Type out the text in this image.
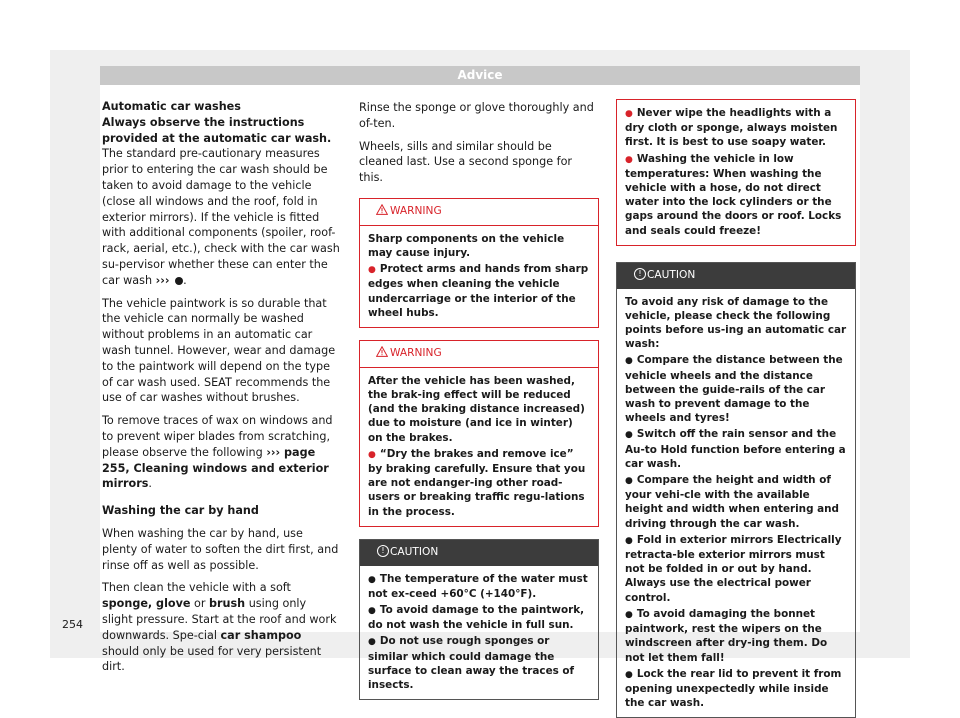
Advice

Automatic car washes

Always observe the instructions provided at the automatic car wash. The standard pre-cautionary measures prior to entering the car wash should be taken to avoid damage to the vehicle (close all windows and the roof, fold in exterior mirrors). If the vehicle is fitted with additional components (spoiler, roof-rack, aerial, etc.), check with the car wash su-pervisor whether these can enter the car wash ››› .

The vehicle paintwork is so durable that the vehicle can normally be washed without problems in an automatic car wash tunnel. However, wear and damage to the paintwork will depend on the type of car wash used. SEAT recommends the use of car washes without brushes.

To remove traces of wax on windows and to prevent wiper blades from scratching, please observe the following ››› page 255, Cleaning windows and exterior mirrors.

Washing the car by hand

When washing the car by hand, use plenty of water to soften the dirt first, and rinse off as well as possible.

Then clean the vehicle with a soft sponge, glove or brush using only slight pressure. Start at the roof and work downwards. Spe-cial car shampoo should only be used for very persistent dirt.

Rinse the sponge or glove thoroughly and of-ten.

Wheels, sills and similar should be cleaned last. Use a second sponge for this.

WARNING

Sharp components on the vehicle may cause injury.

● Protect arms and hands from sharp edges when cleaning the vehicle undercarriage or the interior of the wheel hubs.

WARNING

After the vehicle has been washed, the brak-ing effect will be reduced (and the braking distance increased) due to moisture (and ice in winter) on the brakes.

● “Dry the brakes and remove ice” by braking carefully. Ensure that you are not endanger-ing other road-users or breaking traffic regu-lations in the process.

! CAUTION

● The temperature of the water must not ex-ceed +60°C (+140°F).

● To avoid damage to the paintwork, do not wash the vehicle in full sun.

● Do not use rough sponges or similar which could damage the surface to clean away the traces of insects.

● Never wipe the headlights with a dry cloth or sponge, always moisten first. It is best to use soapy water.

● Washing the vehicle in low temperatures: When washing the vehicle with a hose, do not direct water into the lock cylinders or the gaps around the doors or roof. Locks and seals could freeze!

! CAUTION

To avoid any risk of damage to the vehicle, please check the following points before us-ing an automatic car wash:

● Compare the distance between the vehicle wheels and the distance between the guide-rails of the car wash to prevent damage to the wheels and tyres!

● Switch off the rain sensor and the Au-to Hold function before entering a car wash.

● Compare the height and width of your vehi-cle with the available height and width when entering and driving through the car wash.

● Fold in exterior mirrors Electrically retracta-ble exterior mirrors must not be folded in or out by hand. Always use the electrical power control.

● To avoid damaging the bonnet paintwork, rest the wipers on the windscreen after dry-ing them. Do not let them fall!

● Lock the rear lid to prevent it from opening unexpectedly while inside the car wash.

254
